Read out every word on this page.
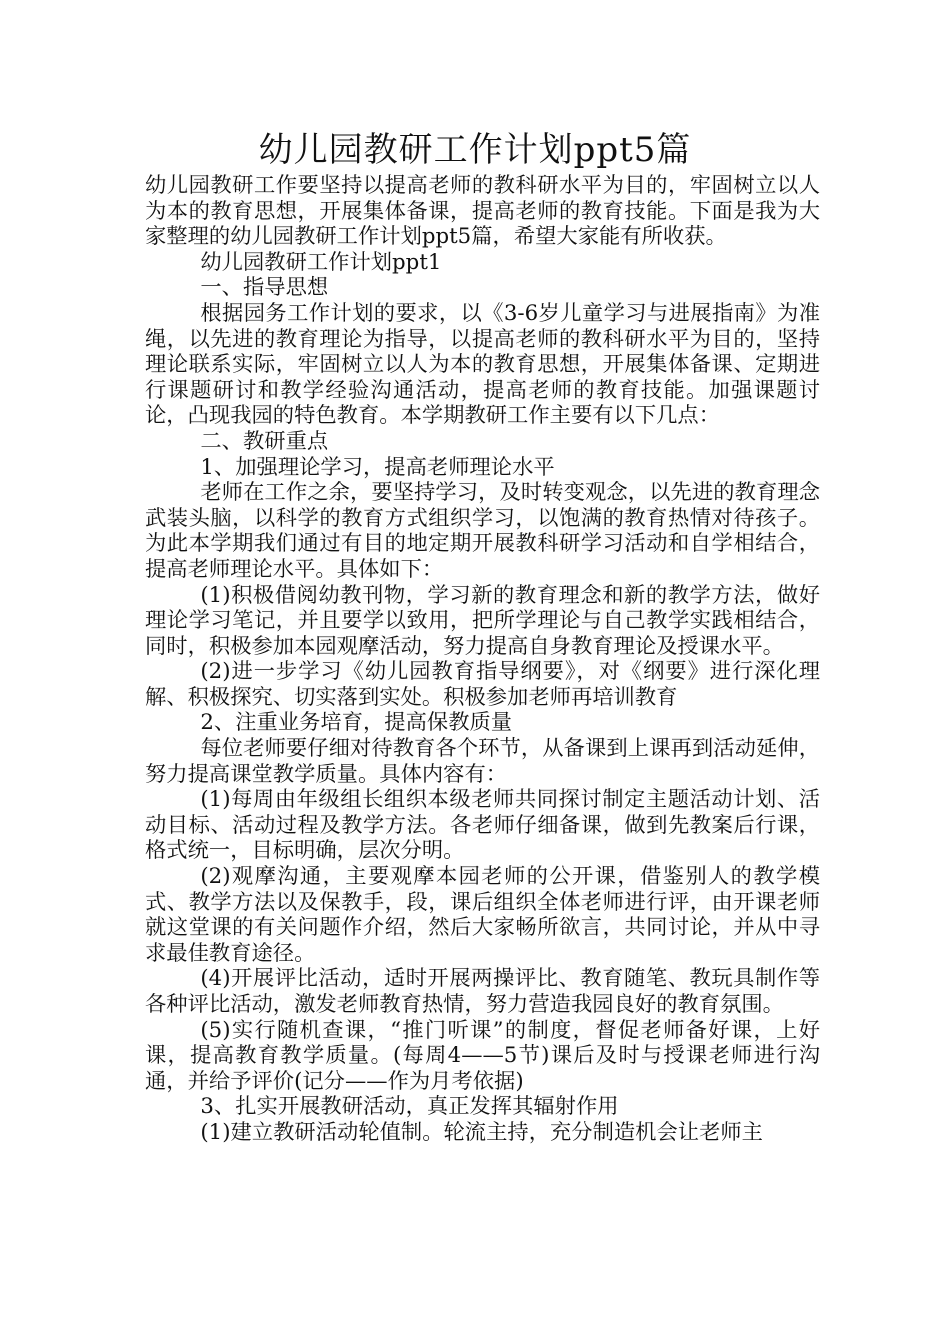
幼儿园教研工作计划ppt5篇

幼儿园教研工作要坚持以提高老师的教科研水平为目的，牢固树立以人为本的教育思想，开展集体备课，提高老师的教育技能。下面是我为大家整理的幼儿园教研工作计划ppt5篇，希望大家能有所收获。

幼儿园教研工作计划ppt1

一、指导思想

根据园务工作计划的要求，以《3-6岁儿童学习与进展指南》为准绳，以先进的教育理论为指导，以提高老师的教科研水平为目的，坚持理论联系实际，牢固树立以人为本的教育思想，开展集体备课、定期进行课题研讨和教学经验沟通活动，提高老师的教育技能。加强课题讨论，凸现我园的特色教育。本学期教研工作主要有以下几点：

二、教研重点

1、加强理论学习，提高老师理论水平

老师在工作之余，要坚持学习，及时转变观念，以先进的教育理念武装头脑，以科学的教育方式组织学习，以饱满的教育热情对待孩子。为此本学期我们通过有目的地定期开展教科研学习活动和自学相结合，提高老师理论水平。具体如下：

(1)积极借阅幼教刊物，学习新的教育理念和新的教学方法，做好理论学习笔记，并且要学以致用，把所学理论与自己教学实践相结合，同时，积极参加本园观摩活动，努力提高自身教育理论及授课水平。

(2)进一步学习《幼儿园教育指导纲要》，对《纲要》进行深化理解、积极探究、切实落到实处。积极参加老师再培训教育

2、注重业务培育，提高保教质量

每位老师要仔细对待教育各个环节，从备课到上课再到活动延伸，努力提高课堂教学质量。具体内容有：

(1)每周由年级组长组织本级老师共同探讨制定主题活动计划、活动目标、活动过程及教学方法。各老师仔细备课，做到先教案后行课，格式统一，目标明确，层次分明。

(2)观摩沟通，主要观摩本园老师的公开课，借鉴别人的教学模式、教学方法以及保教手，段，课后组织全体老师进行评，由开课老师就这堂课的有关问题作介绍，然后大家畅所欲言，共同讨论，并从中寻求最佳教育途径。

(4)开展评比活动，适时开展两操评比、教育随笔、教玩具制作等各种评比活动，激发老师教育热情，努力营造我园良好的教育氛围。

(5)实行随机查课，“推门听课”的制度，督促老师备好课，上好课，提高教育教学质量。(每周4——5节)课后及时与授课老师进行沟通，并给予评价(记分——作为月考依据)

3、扎实开展教研活动，真正发挥其辐射作用

(1)建立教研活动轮值制。轮流主持，充分制造机会让老师主
